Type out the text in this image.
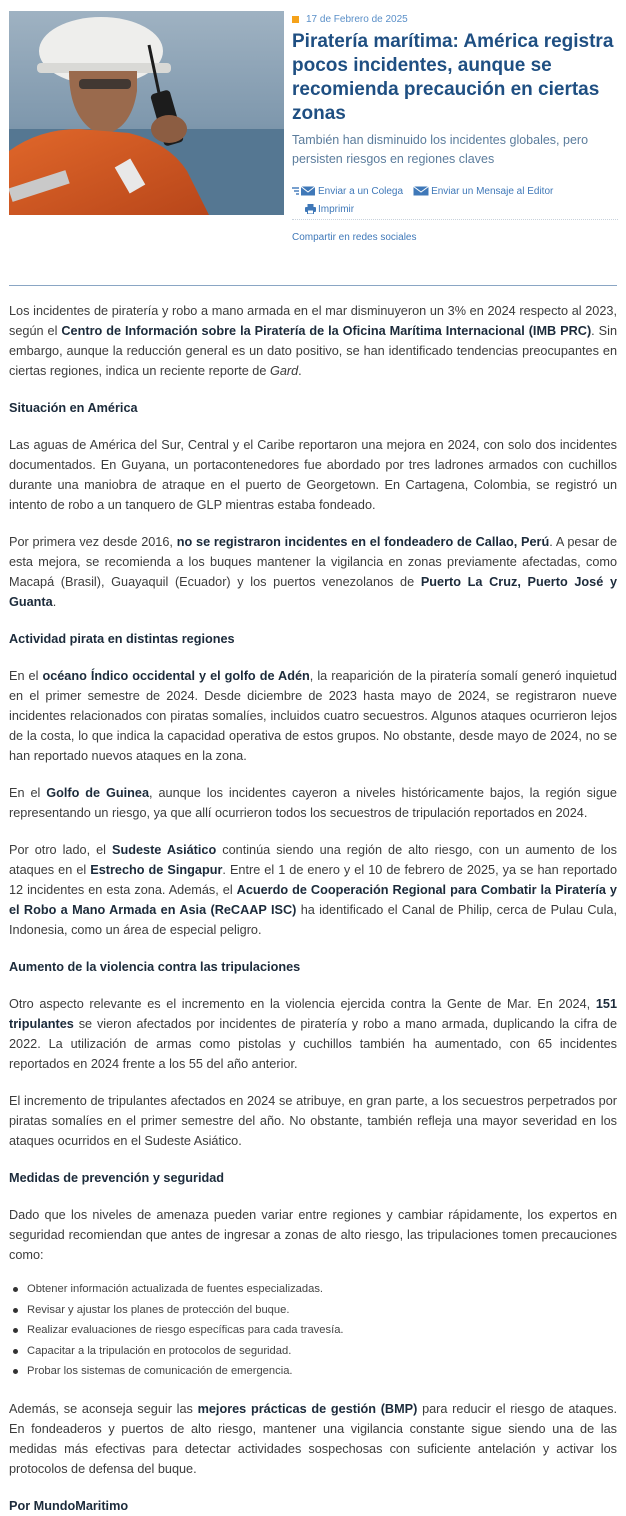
17 de Febrero de 2025
Piratería marítima: América registra pocos incidentes, aunque se recomienda precaución en ciertas zonas

También han disminuido los incidentes globales, pero persisten riesgos en regiones claves

Enviar a un Colega	Enviar un Mensaje al Editor
Imprimir
Compartir en redes sociales

Los incidentes de piratería y robo a mano armada en el mar disminuyeron un 3% en 2024 respecto al 2023, según el Centro de Información sobre la Piratería de la Oficina Marítima Internacional (IMB PRC). Sin embargo, aunque la reducción general es un dato positivo, se han identificado tendencias preocupantes en ciertas regiones, indica un reciente reporte de Gard.

Situación en América

Las aguas de América del Sur, Central y el Caribe reportaron una mejora en 2024, con solo dos incidentes documentados. En Guyana, un portacontenedores fue abordado por tres ladrones armados con cuchillos durante una maniobra de atraque en el puerto de Georgetown. En Cartagena, Colombia, se registró un intento de robo a un tanquero de GLP mientras estaba fondeado.

Por primera vez desde 2016, no se registraron incidentes en el fondeadero de Callao, Perú. A pesar de esta mejora, se recomienda a los buques mantener la vigilancia en zonas previamente afectadas, como Macapá (Brasil), Guayaquil (Ecuador) y los puertos venezolanos de Puerto La Cruz, Puerto José y Guanta.

Actividad pirata en distintas regiones

En el océano Índico occidental y el golfo de Adén, la reaparición de la piratería somalí generó inquietud en el primer semestre de 2024. Desde diciembre de 2023 hasta mayo de 2024, se registraron nueve incidentes relacionados con piratas somalíes, incluidos cuatro secuestros. Algunos ataques ocurrieron lejos de la costa, lo que indica la capacidad operativa de estos grupos. No obstante, desde mayo de 2024, no se han reportado nuevos ataques en la zona.

En el Golfo de Guinea, aunque los incidentes cayeron a niveles históricamente bajos, la región sigue representando un riesgo, ya que allí ocurrieron todos los secuestros de tripulación reportados en 2024.

Por otro lado, el Sudeste Asiático continúa siendo una región de alto riesgo, con un aumento de los ataques en el Estrecho de Singapur. Entre el 1 de enero y el 10 de febrero de 2025, ya se han reportado 12 incidentes en esta zona. Además, el Acuerdo de Cooperación Regional para Combatir la Piratería y el Robo a Mano Armada en Asia (ReCAAP ISC) ha identificado el Canal de Philip, cerca de Pulau Cula, Indonesia, como un área de especial peligro.

Aumento de la violencia contra las tripulaciones

Otro aspecto relevante es el incremento en la violencia ejercida contra la Gente de Mar. En 2024, 151 tripulantes se vieron afectados por incidentes de piratería y robo a mano armada, duplicando la cifra de 2022. La utilización de armas como pistolas y cuchillos también ha aumentado, con 65 incidentes reportados en 2024 frente a los 55 del año anterior.

El incremento de tripulantes afectados en 2024 se atribuye, en gran parte, a los secuestros perpetrados por piratas somalíes en el primer semestre del año. No obstante, también refleja una mayor severidad en los ataques ocurridos en el Sudeste Asiático.

Medidas de prevención y seguridad

Dado que los niveles de amenaza pueden variar entre regiones y cambiar rápidamente, los expertos en seguridad recomiendan que antes de ingresar a zonas de alto riesgo, las tripulaciones tomen precauciones como:

Obtener información actualizada de fuentes especializadas.
Revisar y ajustar los planes de protección del buque.
Realizar evaluaciones de riesgo específicas para cada travesía.
Capacitar a la tripulación en protocolos de seguridad.
Probar los sistemas de comunicación de emergencia.

Además, se aconseja seguir las mejores prácticas de gestión (BMP) para reducir el riesgo de ataques. En fondeaderos y puertos de alto riesgo, mantener una vigilancia constante sigue siendo una de las medidas más efectivas para detectar actividades sospechosas con suficiente antelación y activar los protocolos de defensa del buque.

Por MundoMaritimo
